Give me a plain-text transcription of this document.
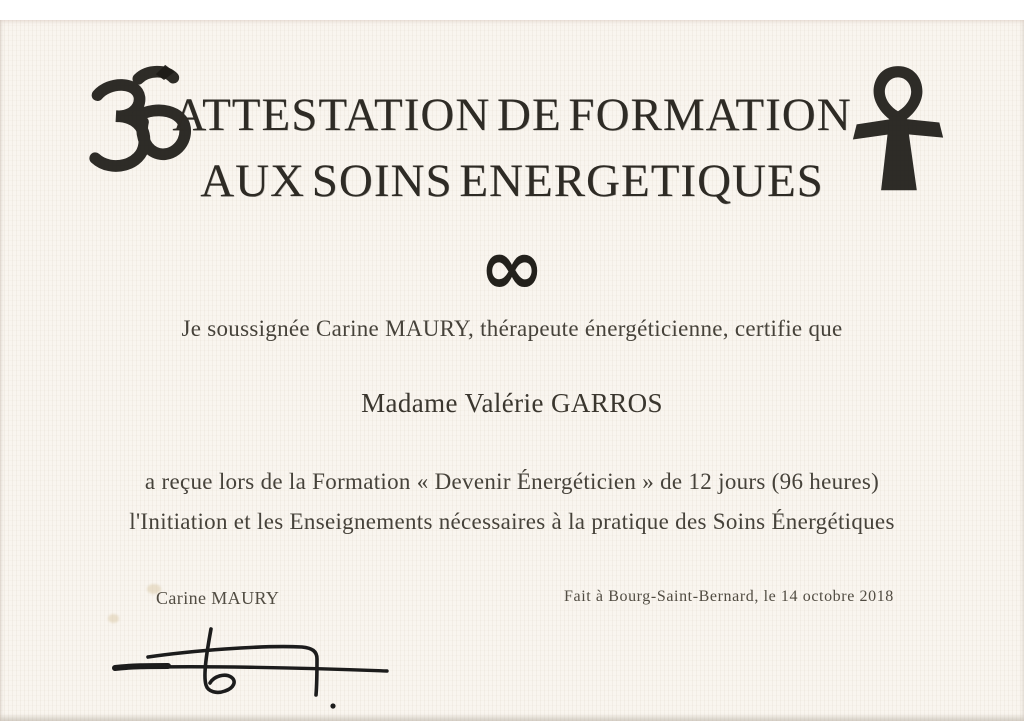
ATTESTATION DE FORMATION
AUX SOINS ENERGETIQUES
∞
Je soussignée Carine MAURY, thérapeute énergéticienne, certifie que
Madame Valérie GARROS
a reçue lors de la Formation « Devenir Énergéticien » de 12 jours (96 heures)
l'Initiation et les Enseignements nécessaires à la pratique des Soins Énergétiques
Carine MAURY	Fait à Bourg-Saint-Bernard, le 14 octobre 2018
